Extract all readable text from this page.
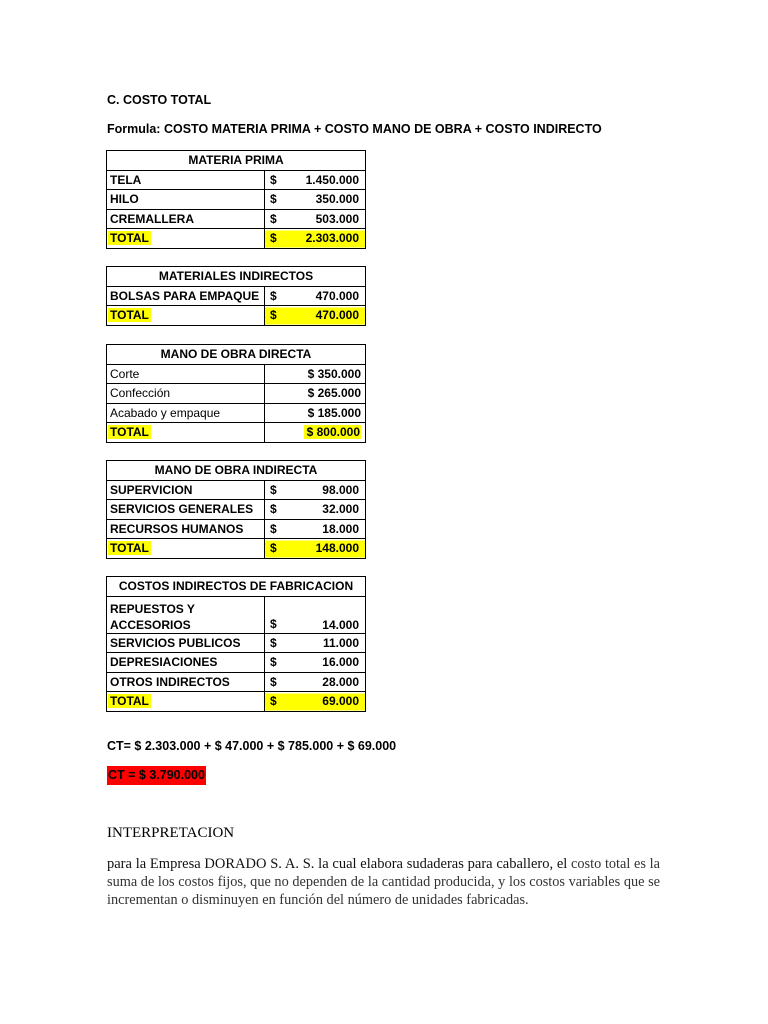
C. COSTO TOTAL
Formula: COSTO MATERIA PRIMA + COSTO MANO DE OBRA + COSTO INDIRECTO
MATERIA PRIMA	
TELA	$ 1.450.000
HILO	$ 350.000
CREMALLERA	$ 503.000
TOTAL	$ 2.303.000
MATERIALES INDIRECTOS	
BOLSAS PARA EMPAQUE	$ 470.000
TOTAL	$ 470.000
MANO DE OBRA DIRECTA	
Corte	$ 350.000
Confección	$ 265.000
Acabado y empaque	$ 185.000
TOTAL	$ 800.000
MANO DE OBRA INDIRECTA	
SUPERVICION	$ 98.000
SERVICIOS GENERALES	$ 32.000
RECURSOS HUMANOS	$ 18.000
TOTAL	$ 148.000
COSTOS INDIRECTOS DE FABRICACION	
REPUESTOS Y
ACCESORIOS	$ 14.000
SERVICIOS PUBLICOS	$ 11.000
DEPRESIACIONES	$ 16.000
OTROS INDIRECTOS	$ 28.000
TOTAL	$ 69.000
CT= $ 2.303.000 + $ 47.000 + $ 785.000 + $ 69.000
CT = $ 3.790.000
INTERPRETACION
para la Empresa DORADO S. A. S. la cual elabora sudaderas para caballero, el costo total es la suma de los costos fijos, que no dependen de la cantidad producida, y los costos variables que se incrementan o disminuyen en función del número de unidades fabricadas.
